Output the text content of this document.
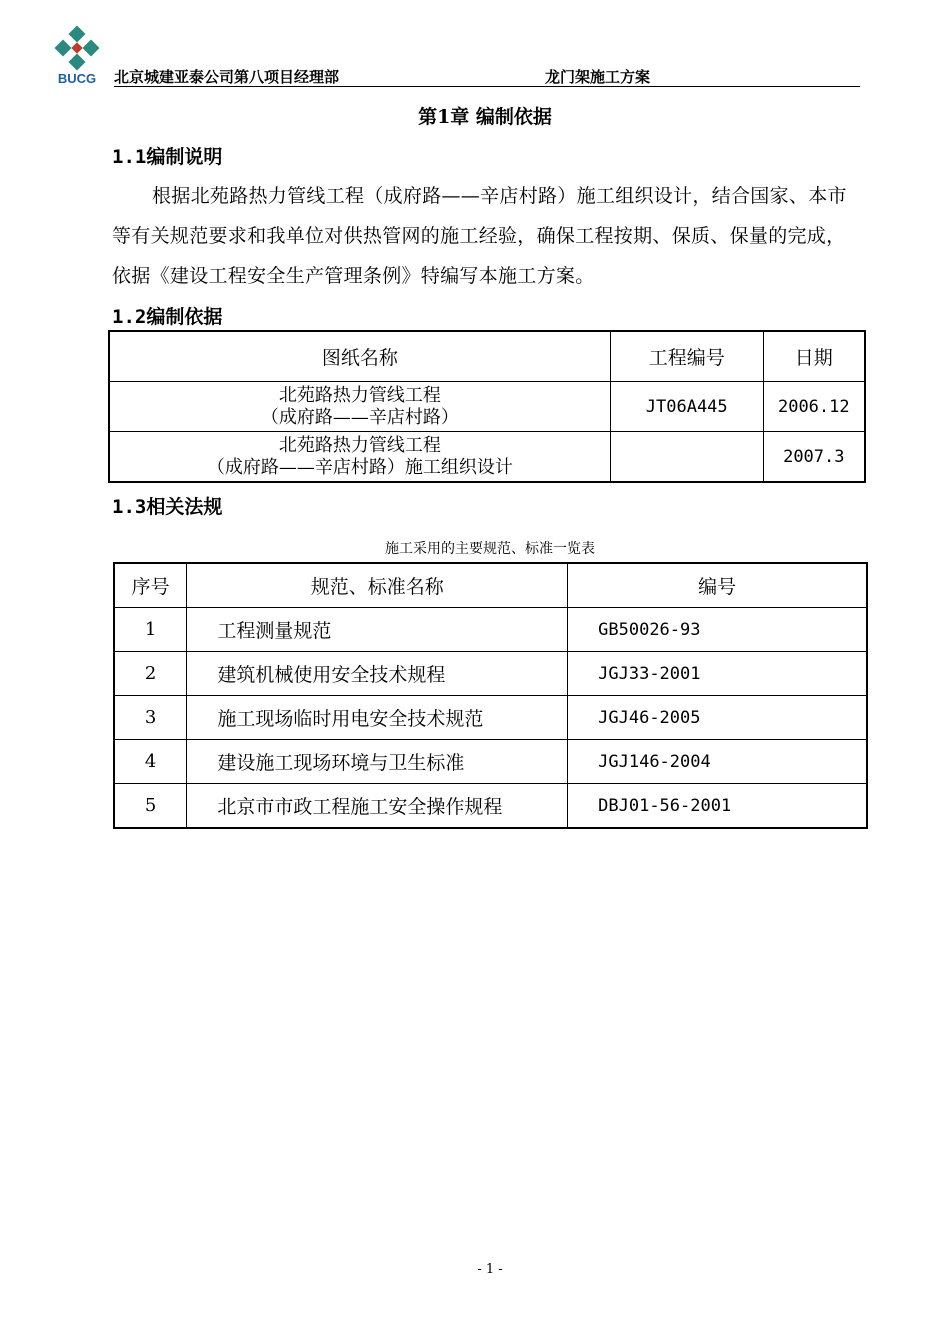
BUCG 北京城建亚泰公司第八项目经理部	龙门架施工方案
第1章 编制依据
1.1编制说明
根据北苑路热力管线工程（成府路——辛店村路）施工组织设计，结合国家、本市等有关规范要求和我单位对供热管网的施工经验，确保工程按期、保质、保量的完成，依据《建设工程安全生产管理条例》特编写本施工方案。
1.2编制依据
图纸名称	工程编号	日期

北苑路热力管线工程
（成府路——辛店村路）	JT06A445	2006.12

北苑路热力管线工程
（成府路——辛店村路）施工组织设计		2007.3
1.3相关法规
施工采用的主要规范、标准一览表
序号	规范、标准名称	编号
1	工程测量规范	GB50026-93
2	建筑机械使用安全技术规程	JGJ33-2001
3	施工现场临时用电安全技术规范	JGJ46-2005
4	建设施工现场环境与卫生标准	JGJ146-2004
5	北京市市政工程施工安全操作规程	DBJ01-56-2001
- 1 -
